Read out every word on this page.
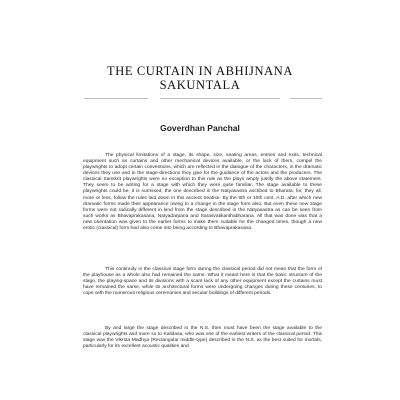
THE CURTAIN IN ABHIJNANA
SAKUNTALA
Goverdhan Panchal

The physical limitations of a stage, its shape, size, seating areas, entries and exits, technical equipment such as curtains and other mechanical devices available, or the lack of them, compel the playwrights to adopt certain conventions, which are reflected in the dialogue of the characters, in the dramatic devices they use and in the stage-directions they give for the guidance of the actors and the producers. The classical Sanskrit playwrights were no exception to this rule as the plays amply justify the above statement. They seem to be writing for a stage with which they were quite familiar. The stage available to these playwrights could be, it is surmised, the one described in the Natyasastra ascribed to Bharata, for, they all, more or less, follow the rules laid down in this ancient treatise. By the 9th or 10th cent. A.D. after which new dramatic forms made their appearance owing to a change in the stage form also. But even these new stage forms were not radically different in kind from the stage described in the Natyasastra as can be seen from such works as Bhavaprakasana, Natyadarpana and Sarasvatikanthabharana. All that was done was that a new orientation was given to the earlier forms to make them suitable for the changed times, though a new erotic (classical) form had also come into being according to Bhavaprakasana.

This continuity in the classical stage form during the classical period did not mean that the form of the playhouse as a whole also had remained the same. What it meant here is that the basic structure of the stage, the playing-space and its divisions with a scant lack of any other equipment except the curtains must have remained the same, while its architectural forms were undergoing changes during these centuries, to cope with the numerous religious ceremonies and secular buildings of different periods.

By and large the stage described in the N.S. then must have been the stage available to the classical playwrights and more so to Kalidasa, who was one of the earliest writers of the classical period. This stage was the Vikrsta Madhya (Rectangular middle-type) described in the N.S. as the best suited for mortals, particularly for its excellent acoustic qualities and
